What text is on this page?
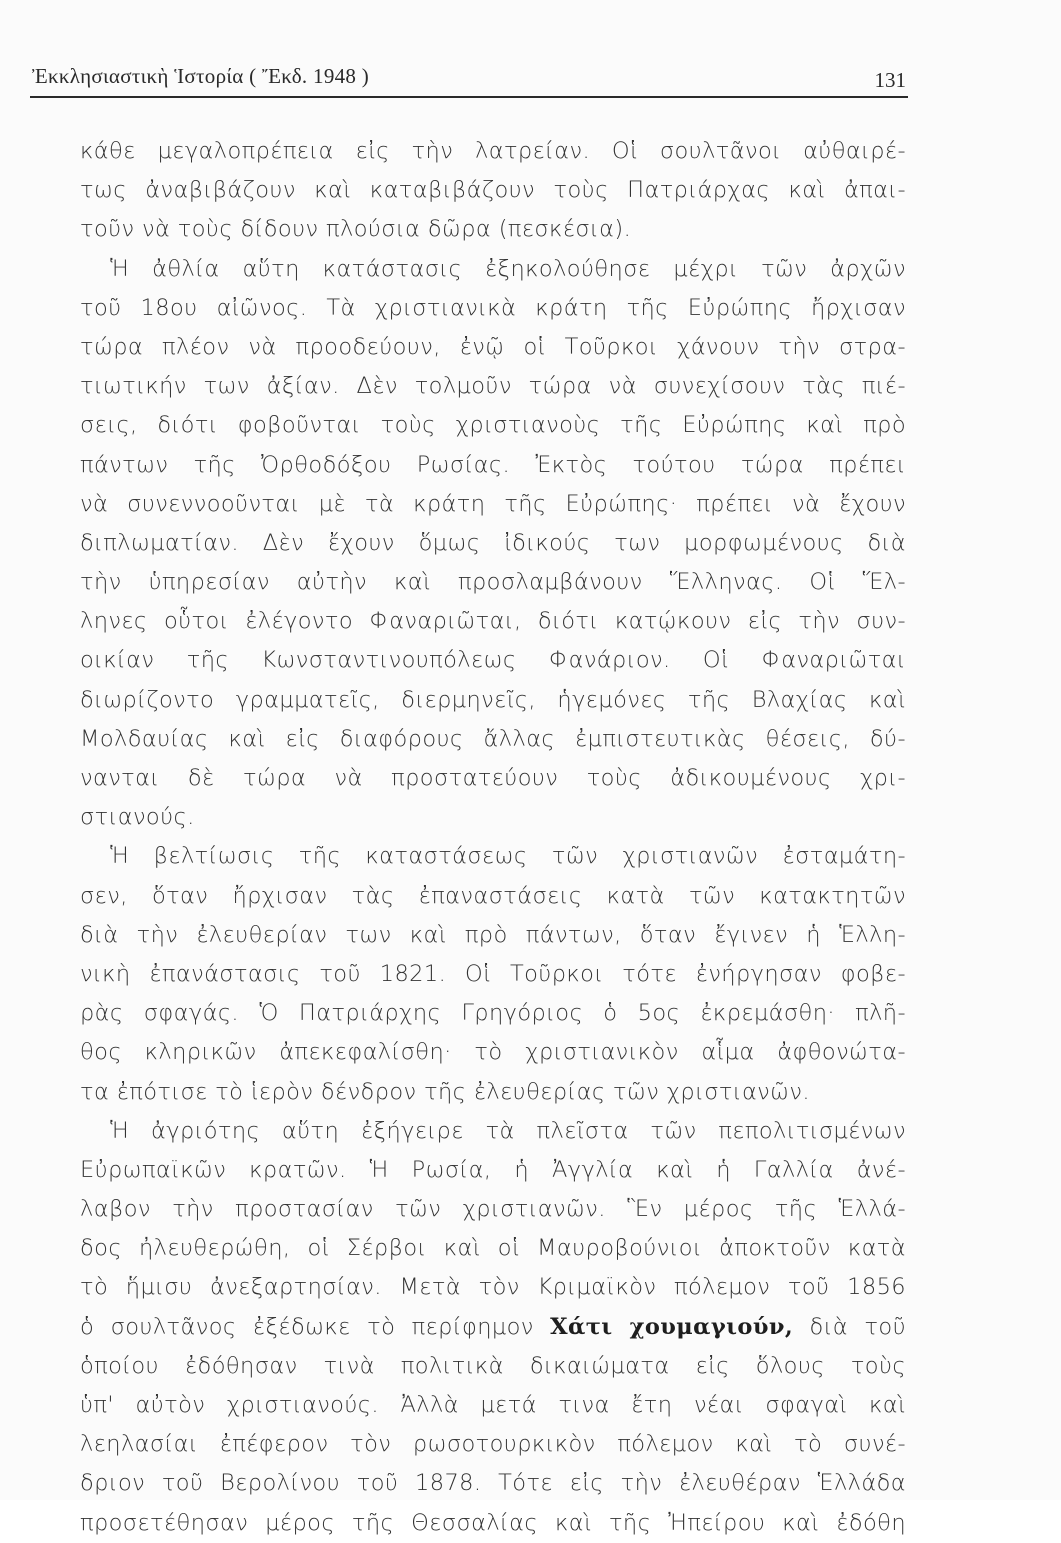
Ἐκκλησιαστικὴ Ἱστορία ( Ἔκδ. 1948 )	131
κάθε μεγαλοπρέπεια εἰς τὴν λατρείαν. Οἱ σουλτᾶνοι αὐθαιρέ-
τως ἀναβιβάζουν καὶ καταβιβάζουν τοὺς Πατριάρχας καὶ ἀπαι-
τοῦν νὰ τοὺς δίδουν πλούσια δῶρα (πεσκέσια).
Ἡ ἀθλία αὕτη κατάστασις ἐξηκολούθησε μέχρι τῶν ἀρχῶν
τοῦ 18ου αἰῶνος. Τὰ χριστιανικὰ κράτη τῆς Εὐρώπης ἤρχισαν
τώρα πλέον νὰ προοδεύουν, ἐνῷ οἱ Τοῦρκοι χάνουν τὴν στρα-
τιωτικήν των ἀξίαν. Δὲν τολμοῦν τώρα νὰ συνεχίσουν τὰς πιέ-
σεις, διότι φοβοῦνται τοὺς χριστιανοὺς τῆς Εὐρώπης καὶ πρὸ
πάντων τῆς Ὀρθοδόξου Ρωσίας. Ἐκτὸς τούτου τώρα πρέπει
νὰ συνεννοοῦνται μὲ τὰ κράτη τῆς Εὐρώπης· πρέπει νὰ ἔχουν
διπλωματίαν. Δὲν ἔχουν ὅμως ἰδικούς των μορφωμένους διὰ
τὴν ὑπηρεσίαν αὐτὴν καὶ προσλαμβάνουν Ἕλληνας. Οἱ Ἕλ-
ληνες οὗτοι ἐλέγοντο Φαναριῶται, διότι κατῴκουν εἰς τὴν συν-
οικίαν τῆς Κωνσταντινουπόλεως Φανάριον. Οἱ Φαναριῶται
διωρίζοντο γραμματεῖς, διερμηνεῖς, ἡγεμόνες τῆς Βλαχίας καὶ
Μολδαυίας καὶ εἰς διαφόρους ἄλλας ἐμπιστευτικὰς θέσεις, δύ-
νανται δὲ τώρα νὰ προστατεύουν τοὺς ἀδικουμένους χρι-
στιανούς.
Ἡ βελτίωσις τῆς καταστάσεως τῶν χριστιανῶν ἐσταμάτη-
σεν, ὅταν ἤρχισαν τὰς ἐπαναστάσεις κατὰ τῶν κατακτητῶν
διὰ τὴν ἐλευθερίαν των καὶ πρὸ πάντων, ὅταν ἔγινεν ἡ Ἑλλη-
νικὴ ἐπανάστασις τοῦ 1821. Οἱ Τοῦρκοι τότε ἐνήργησαν φοβε-
ρὰς σφαγάς. Ὁ Πατριάρχης Γρηγόριος ὁ 5ος ἐκρεμάσθη· πλῆ-
θος κληρικῶν ἀπεκεφαλίσθη· τὸ χριστιανικὸν αἷμα ἀφθονώτα-
τα ἐπότισε τὸ ἱερὸν δένδρον τῆς ἐλευθερίας τῶν χριστιανῶν.
Ἡ ἀγριότης αὕτη ἐξήγειρε τὰ πλεῖστα τῶν πεπολιτισμένων
Εὐρωπαϊκῶν κρατῶν. Ἡ Ρωσία, ἡ Ἀγγλία καὶ ἡ Γαλλία ἀνέ-
λαβον τὴν προστασίαν τῶν χριστιανῶν. Ἓν μέρος τῆς Ἑλλά-
δος ἠλευθερώθη, οἱ Σέρβοι καὶ οἱ Μαυροβούνιοι ἀποκτοῦν κατὰ
τὸ ἥμισυ ἀνεξαρτησίαν. Μετὰ τὸν Κριμαϊκὸν πόλεμον τοῦ 1856
ὁ σουλτᾶνος ἐξέδωκε τὸ περίφημον Χάτι χουμαγιούν, διὰ τοῦ
ὁποίου ἐδόθησαν τινὰ πολιτικὰ δικαιώματα εἰς ὅλους τοὺς
ὑπ' αὐτὸν χριστιανούς. Ἀλλὰ μετά τινα ἔτη νέαι σφαγαὶ καὶ
λεηλασίαι ἐπέφερον τὸν ρωσοτουρκικὸν πόλεμον καὶ τὸ συνέ-
δριον τοῦ Βερολίνου τοῦ 1878. Τότε εἰς τὴν ἐλευθέραν Ἑλλάδα
προσετέθησαν μέρος τῆς Θεσσαλίας καὶ τῆς Ἠπείρου καὶ ἐδόθη
